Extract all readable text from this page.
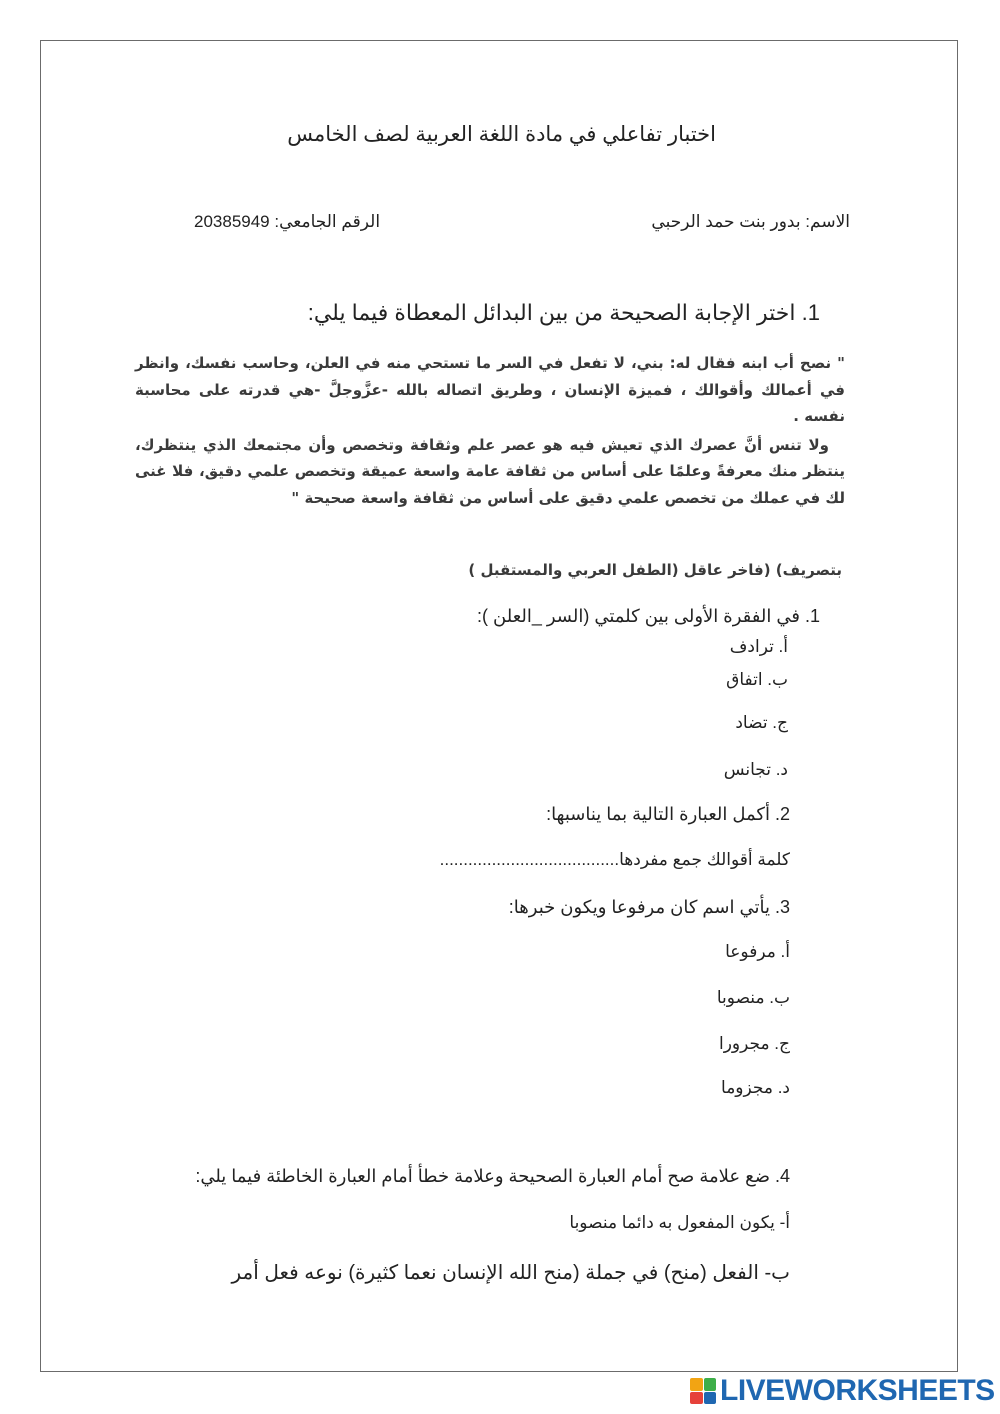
اختبار تفاعلي في مادة اللغة العربية لصف الخامس
الاسم: بدور بنت حمد الرحبي
الرقم الجامعي: 20385949
1. اختر الإجابة الصحيحة من بين البدائل المعطاة فيما يلي:

" نصح أب ابنه فقال له: بني، لا تفعل في السر ما تستحي منه في العلن، وحاسب نفسك، وانظر في أعمالك وأقوالك ، فميزة الإنسان ، وطريق اتصاله بالله -عزَّوجلَّ -هي قدرته على محاسبة نفسه .

ولا تنس أنَّ عصرك الذي تعيش فيه هو عصر علم وثقافة وتخصص وأن مجتمعك الذي ينتظرك، ينتظر منك معرفةً وعلمًا على أساس من ثقافة عامة واسعة عميقة وتخصص علمي دقيق، فلا غنى لك في عملك من تخصص علمي دقيق على أساس من ثقافة واسعة صحيحة "

بتصريف) (فاخر عاقل (الطفل العربي والمستقبل )
1. في الفقرة الأولى بين كلمتي (السر _العلن ):
أ. ترادف
ب. اتفاق
ج. تضاد
د. تجانس
2. أكمل العبارة التالية بما يناسبها:
كلمة أقوالك جمع مفردها......................................
3. يأتي اسم كان مرفوعا ويكون خبرها:
أ. مرفوعا
ب. منصوبا
ج. مجرورا
د. مجزوما
4. ضع علامة صح أمام العبارة الصحيحة وعلامة خطأ أمام العبارة الخاطئة فيما يلي:
أ- يكون المفعول به دائما منصوبا
ب- الفعل (منح) في جملة (منح الله الإنسان نعما كثيرة) نوعه فعل أمر
LIVEWORKSHEETS
